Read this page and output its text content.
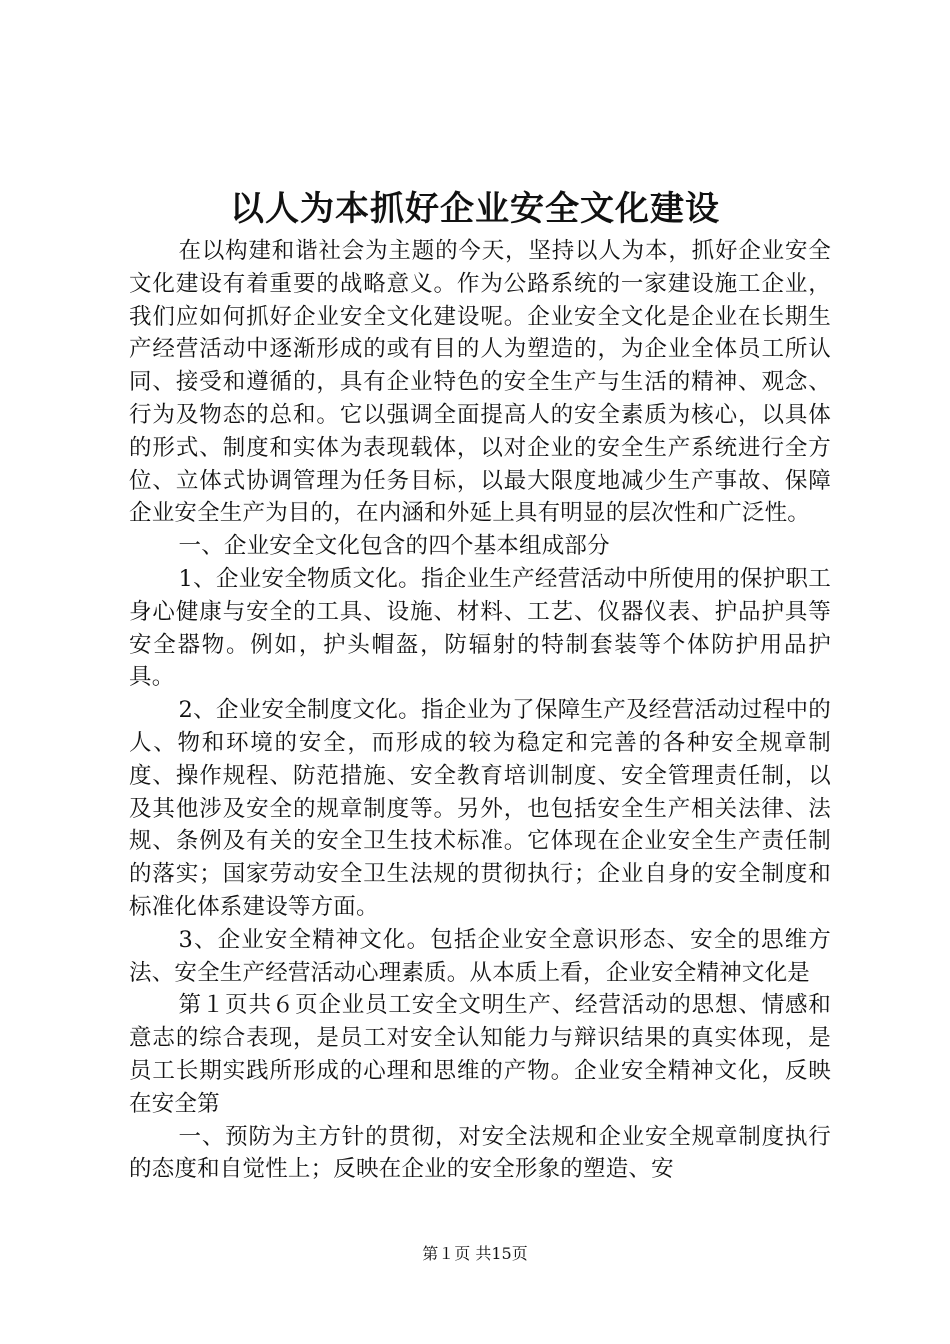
以人为本抓好企业安全文化建设

在以构建和谐社会为主题的今天，坚持以人为本，抓好企业安全文化建设有着重要的战略意义。作为公路系统的一家建设施工企业，我们应如何抓好企业安全文化建设呢。企业安全文化是企业在长期生产经营活动中逐渐形成的或有目的人为塑造的，为企业全体员工所认同、接受和遵循的，具有企业特色的安全生产与生活的精神、观念、行为及物态的总和。它以强调全面提高人的安全素质为核心，以具体的形式、制度和实体为表现载体，以对企业的安全生产系统进行全方位、立体式协调管理为任务目标，以最大限度地减少生产事故、保障企业安全生产为目的，在内涵和外延上具有明显的层次性和广泛性。

一、企业安全文化包含的四个基本组成部分

1、企业安全物质文化。指企业生产经营活动中所使用的保护职工身心健康与安全的工具、设施、材料、工艺、仪器仪表、护品护具等安全器物。例如，护头帽盔，防辐射的特制套装等个体防护用品护具。

2、企业安全制度文化。指企业为了保障生产及经营活动过程中的人、物和环境的安全，而形成的较为稳定和完善的各种安全规章制度、操作规程、防范措施、安全教育培训制度、安全管理责任制，以及其他涉及安全的规章制度等。另外，也包括安全生产相关法律、法规、条例及有关的安全卫生技术标准。它体现在企业安全生产责任制的落实；国家劳动安全卫生法规的贯彻执行；企业自身的安全制度和标准化体系建设等方面。

3、企业安全精神文化。包括企业安全意识形态、安全的思维方法、安全生产经营活动心理素质。从本质上看，企业安全精神文化是

第１页共６页企业员工安全文明生产、经营活动的思想、情感和意志的综合表现，是员工对安全认知能力与辩识结果的真实体现，是员工长期实践所形成的心理和思维的产物。企业安全精神文化，反映在安全第

一、预防为主方针的贯彻，对安全法规和企业安全规章制度执行的态度和自觉性上；反映在企业的安全形象的塑造、安

第１页 共15页
